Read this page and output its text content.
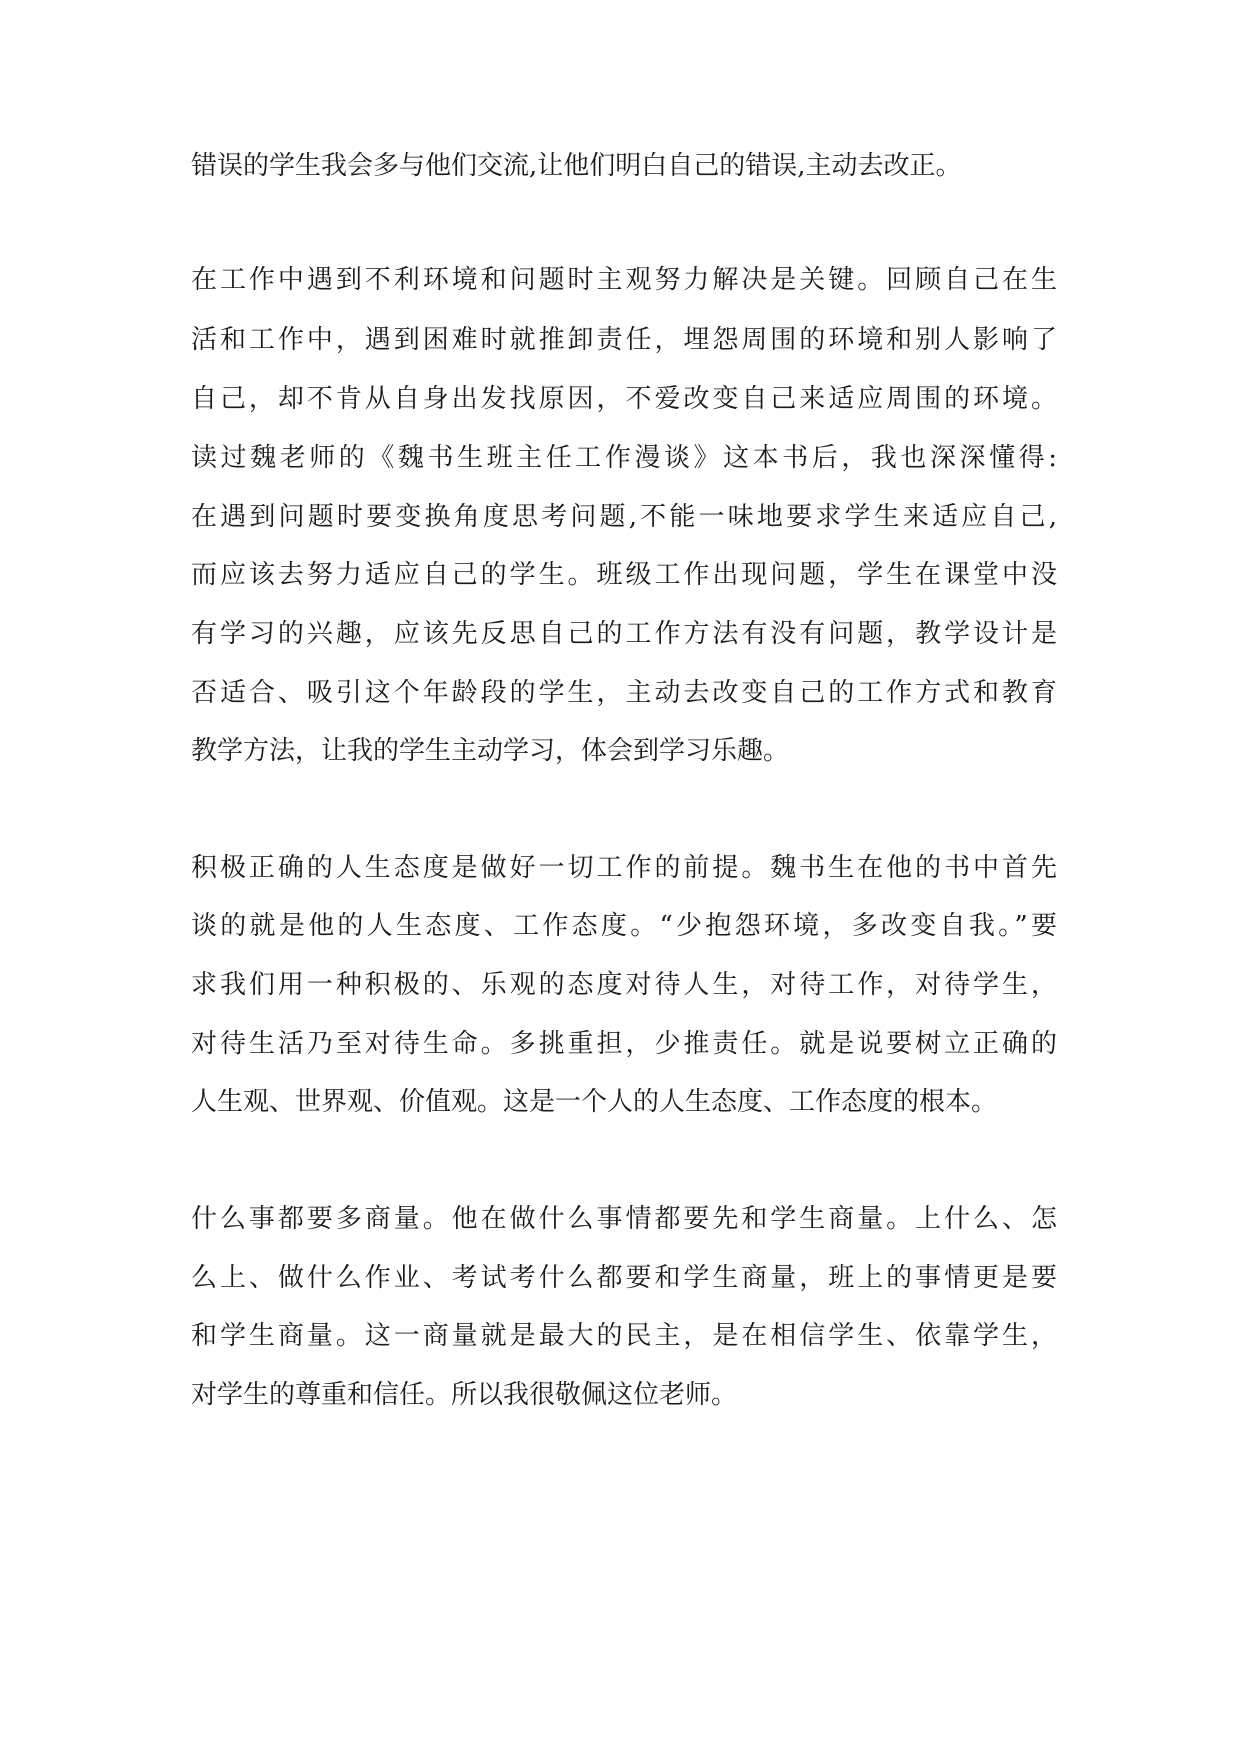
错误的学生我会多与他们交流,让他们明白自己的错误,主动去改正。
在工作中遇到不利环境和问题时主观努力解决是关键。回顾自己在生
活和工作中，遇到困难时就推卸责任，埋怨周围的环境和别人影响了
自己，却不肯从自身出发找原因，不爱改变自己来适应周围的环境。
读过魏老师的《魏书生班主任工作漫谈》这本书后，我也深深懂得:
在遇到问题时要变换角度思考问题,不能一味地要求学生来适应自己,
而应该去努力适应自己的学生。班级工作出现问题，学生在课堂中没
有学习的兴趣，应该先反思自己的工作方法有没有问题，教学设计是
否适合、吸引这个年龄段的学生，主动去改变自己的工作方式和教育
教学方法，让我的学生主动学习，体会到学习乐趣。
积极正确的人生态度是做好一切工作的前提。魏书生在他的书中首先
谈的就是他的人生态度、工作态度。“少抱怨环境，多改变自我。”要
求我们用一种积极的、乐观的态度对待人生，对待工作，对待学生，
对待生活乃至对待生命。多挑重担，少推责任。就是说要树立正确的
人生观、世界观、价值观。这是一个人的人生态度、工作态度的根本。
什么事都要多商量。他在做什么事情都要先和学生商量。上什么、怎
么上、做什么作业、考试考什么都要和学生商量，班上的事情更是要
和学生商量。这一商量就是最大的民主，是在相信学生、依靠学生，
对学生的尊重和信任。所以我很敬佩这位老师。
